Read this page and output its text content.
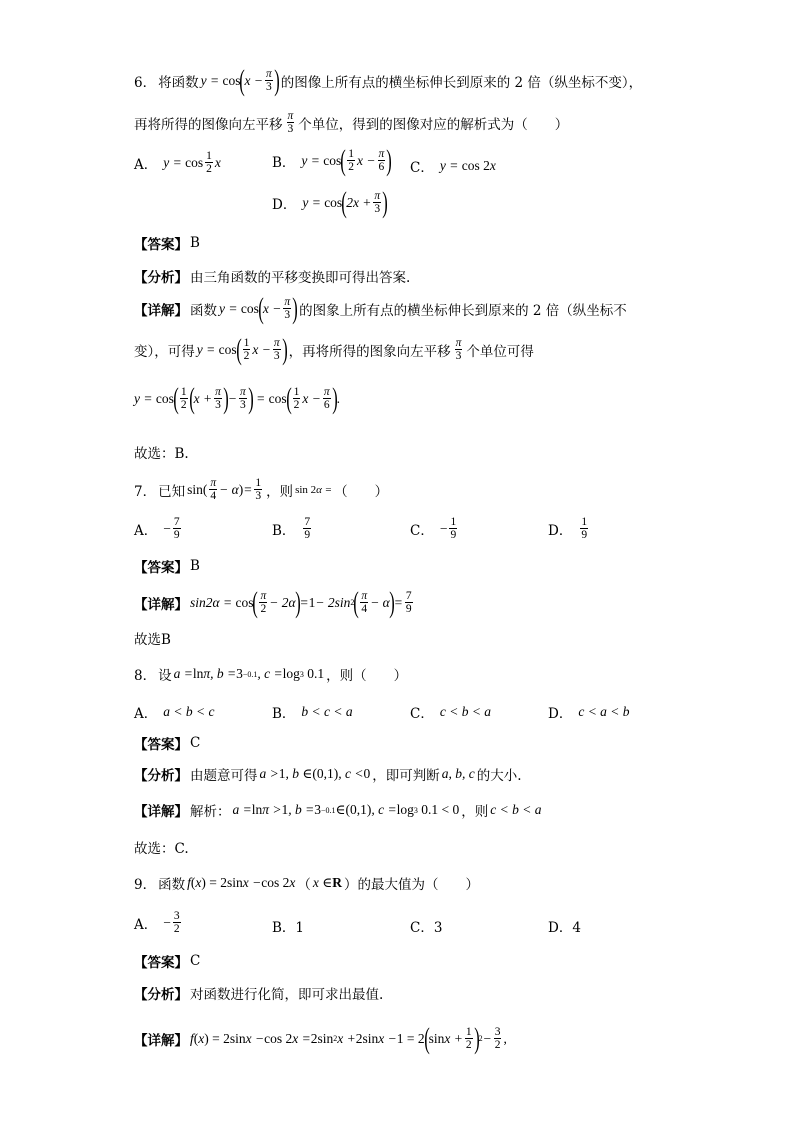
6． 将函数 y = cos ( $x - \frac{\pi}{3}$ ) 的图像上所有点的横坐标伸长到原来的 2 倍（纵坐标不变），
再将所得的图像向左平移 $\frac{\pi}{3}$ 个单位，得到的图像对应的解析式为（　　）
A． $y = \cos \frac{1}{2}$ x	B． y = cos ( $\frac{1}{2}$ $x - \frac{\pi}{6}$ ) C． y = cos 2 x
D． y = cos ( $2x + \frac{\pi}{3}$ )
【答案】 B
【分析】 由三角函数的平移变换即可得出答案.
【详解】 函数 y = cos ( $x - \frac{\pi}{3}$ ) 的图象上所有点的横坐标伸长到原来的 2 倍（纵坐标不
变），可得 y = cos ( $\frac{1}{2}$ $x - \frac{\pi}{3}$ ) ，再将所得的图象向左平移 $\frac{\pi}{3}$ 个单位可得
y = cos ( $\frac{1}{2}$ ( $x + \frac{\pi}{3}$ ) − $\frac{\pi}{3}$ ) = cos ( $\frac{1}{2}$ $x - \frac{\pi}{6}$ ) .
故选：B.
7． 已知 $\sin( \frac{\pi}{4} - \alpha$ ) = $\frac{1}{3}$ ，则 sin 2 α = （　　）
A． − $\frac{7}{9}$	B． $\frac{7}{9}$	C． − $\frac{1}{9}$	D． $\frac{1}{9}$
【答案】 B
【详解】 sin2α = cos ( $\frac{\pi}{2} - 2\alpha$ ) = 1 − 2sin 2 ( $\frac{\pi}{4} - \alpha$ ) = $\frac{7}{9}$
故选B
8． 设 a = ln π, b = 3 −0.1 , c = log 3 0.1 ，则（　　）
A． a < b < c	B． b < c < a	C． c < b < a	D． c < a < b
【答案】 C
【分析】 由题意可得 a > 1 , b ∈ (0,1) , c < 0 ，即可判断 a, b, c 的大小.
【详解】 解析： a = ln π > 1 , b = 3 −0.1 ∈ (0,1) , c = log 3 0.1 < 0 ，则 c < b < a
故选：C.
9． 函数 f ( x ) = 2sin x − cos 2 x （ x ∈ R ）的最大值为（　　）
A． − $\frac{3}{2}$	B．1	C．3	D．4
【答案】 C
【分析】 对函数进行化简，即可求出最值.
【详解】 f ( x ) = 2sin x − cos 2 x = 2sin 2 x + 2sin x − 1 = 2 ( $\sin x + \frac{1}{2}$ ) $2 - \frac{3}{2}$ ,
